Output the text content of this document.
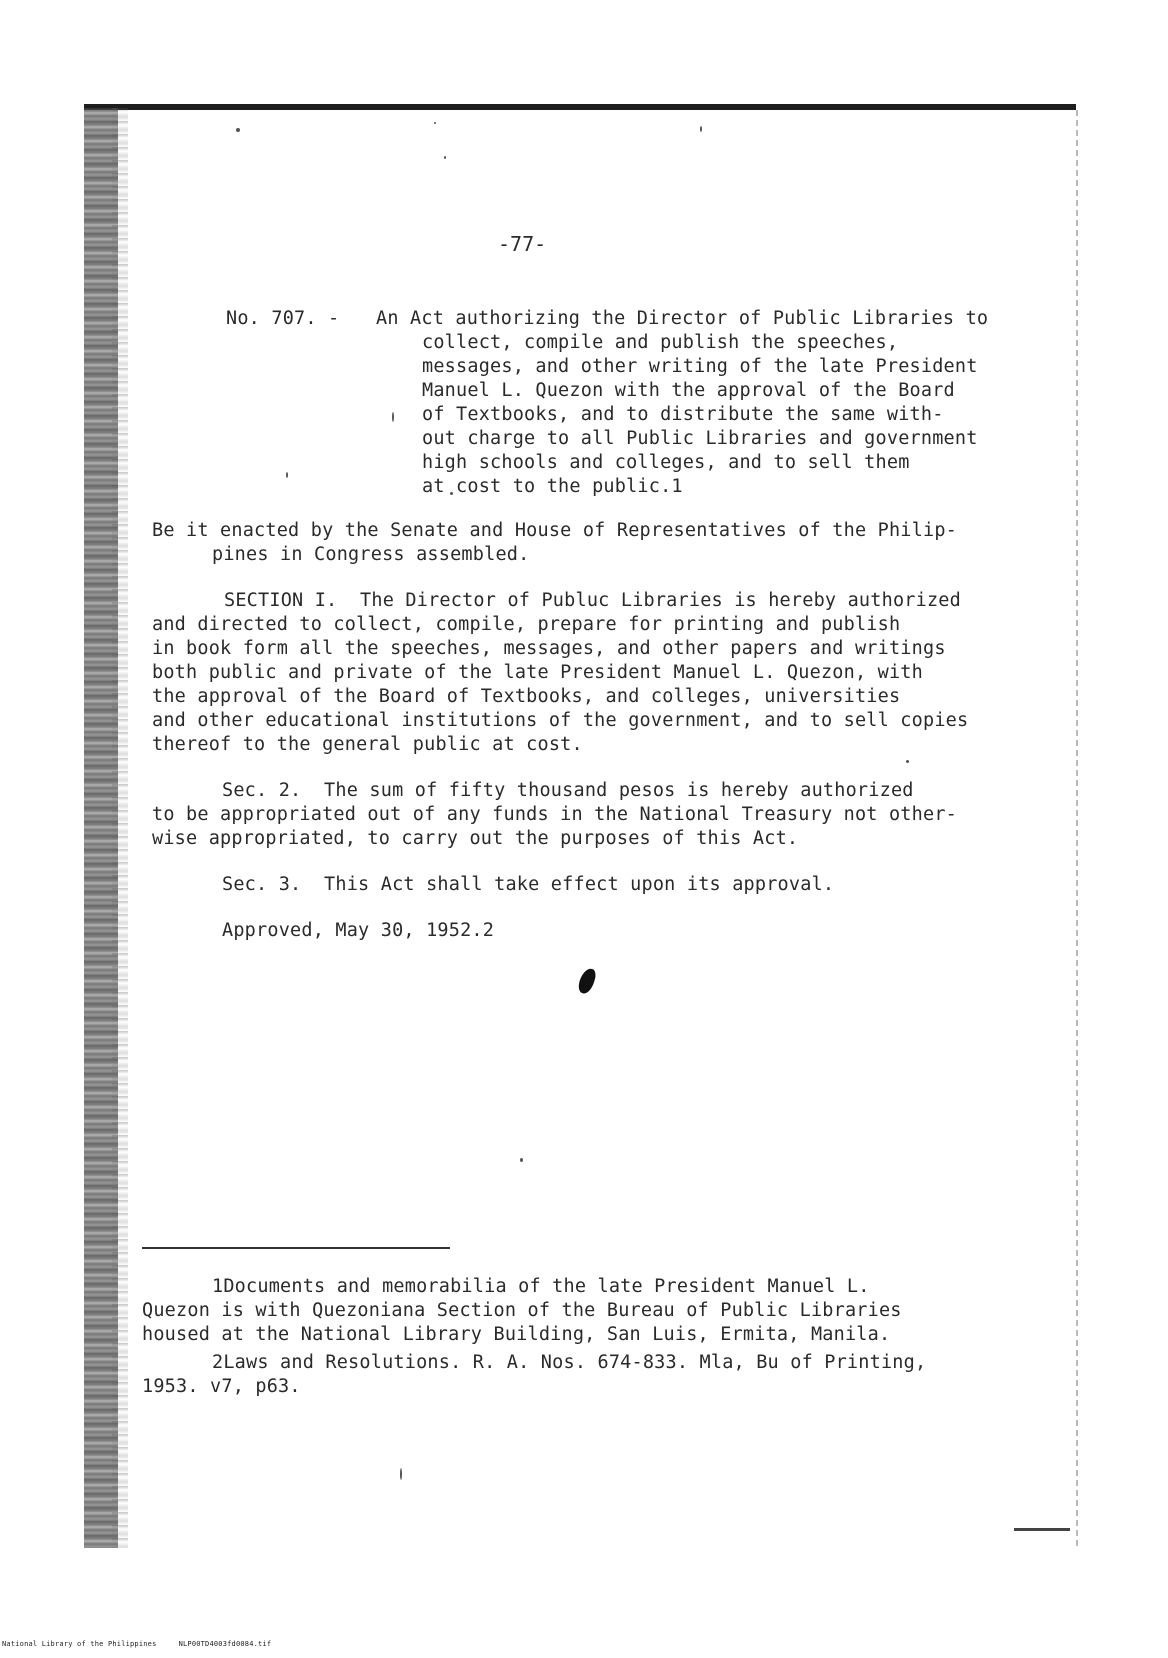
-77-
No. 707. - An Act authorizing the Director of Public Libraries to
collect, compile and publish the speeches,
messages, and other writing of the late President
Manuel L. Quezon with the approval of the Board
of Textbooks, and to distribute the same with-
out charge to all Public Libraries and government
high schools and colleges, and to sell them
at cost to the public.1
Be it enacted by the Senate and House of Representatives of the Philip-
pines in Congress assembled.
SECTION I.  The Director of Publuc Libraries is hereby authorized
and directed to collect, compile, prepare for printing and publish
in book form all the speeches, messages, and other papers and writings
both public and private of the late President Manuel L. Quezon, with
the approval of the Board of Textbooks, and colleges, universities
and other educational institutions of the government, and to sell copies
thereof to the general public at cost.
Sec. 2.  The sum of fifty thousand pesos is hereby authorized
to be appropriated out of any funds in the National Treasury not other-
wise appropriated, to carry out the purposes of this Act.
Sec. 3.  This Act shall take effect upon its approval.
Approved, May 30, 1952.2
1Documents and memorabilia of the late President Manuel L.
Quezon is with Quezoniana Section of the Bureau of Public Libraries
housed at the National Library Building, San Luis, Ermita, Manila.
2Laws and Resolutions. R. A. Nos. 674-833. Mla, Bu of Printing,
1953. v7, p63.
National Library of the Philippines     NLP00TD4003fd0084.tif
